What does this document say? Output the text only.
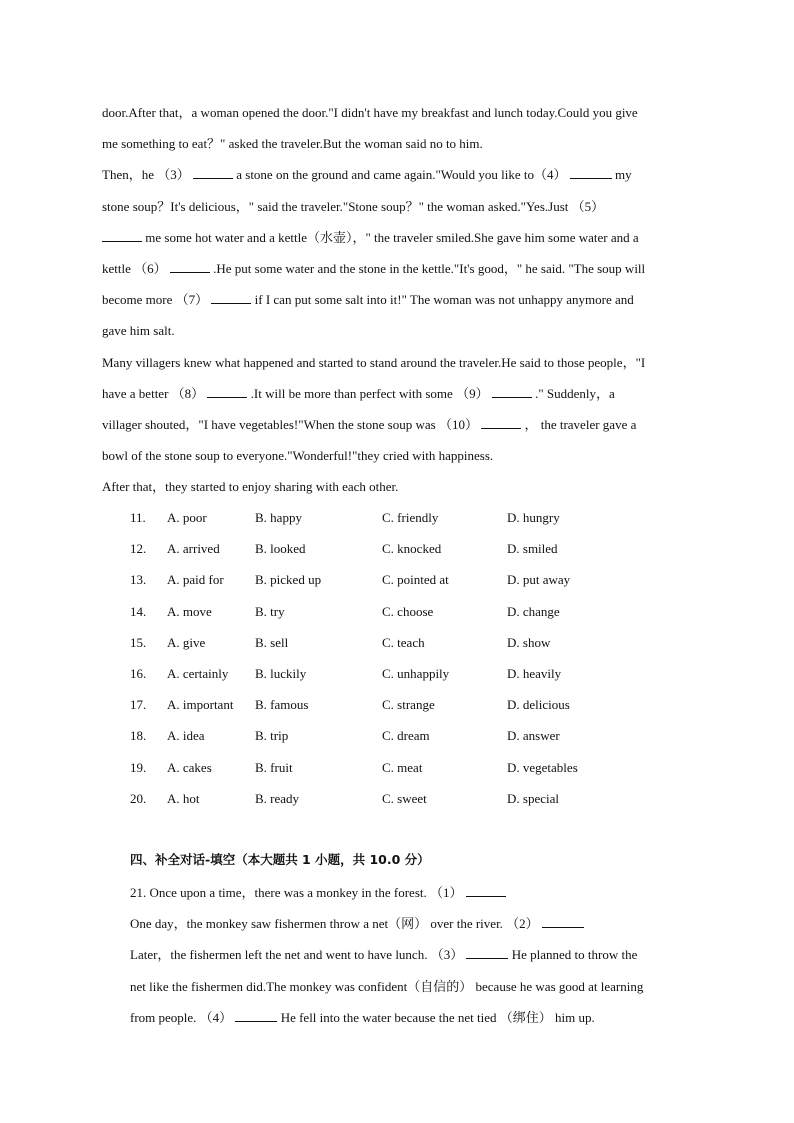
door.After that，a woman opened the door."I didn't have my breakfast and lunch today.Could you give
me something to eat？" asked the traveler.But the woman said no to him.
Then，he （3）	a stone on the ground and came again."Would you like to（4）	my
stone soup？It's delicious，" said the traveler."Stone soup？" the woman asked."Yes.Just （5）
me some hot water and a kettle（水壶），" the traveler smiled.She gave him some water and a
kettle （6）	.He put some water and the stone in the kettle."It's good，" he said. "The soup will
become more （7）	if I can put some salt into it!" The woman was not unhappy anymore and
gave him salt.
Many villagers knew what happened and started to stand around the traveler.He said to those people，"I
have a better （8）	.It will be more than perfect with some （9）	." Suddenly，a
villager shouted，"I have vegetables!"When the stone soup was （10）	， the traveler gave a
bowl of the stone soup to everyone."Wonderful!"they cried with happiness.
After that，they started to enjoy sharing with each other.
11. A. poor	B. happy	C. friendly	D. hungry
12. A. arrived	B. looked	C. knocked	D. smiled
13. A. paid for B. picked up	C. pointed at	D. put away
14. A. move	B. try	C. choose	D. change
15. A. give	B. sell	C. teach	D. show
16. A. certainly B. luckily	C. unhappily	D. heavily
17. A. important B. famous	C. strange	D. delicious
18. A. idea	B. trip	C. dream	D. answer
19. A. cakes	B. fruit	C. meat	D. vegetables
20. A. hot	B. ready	C. sweet	D. special
四、补全对话-填空（本大题共 1 小题，共 10.0 分）
21. Once upon a time，there was a monkey in the forest. （1）
One day，the monkey saw fishermen throw a net（网） over the river. （2）
Later，the fishermen left the net and went to have lunch. （3）	He planned to throw the
net like the fishermen did.The monkey was confident（自信的） because he was good at learning
from people. （4）	He fell into the water because the net tied （绑住） him up.
